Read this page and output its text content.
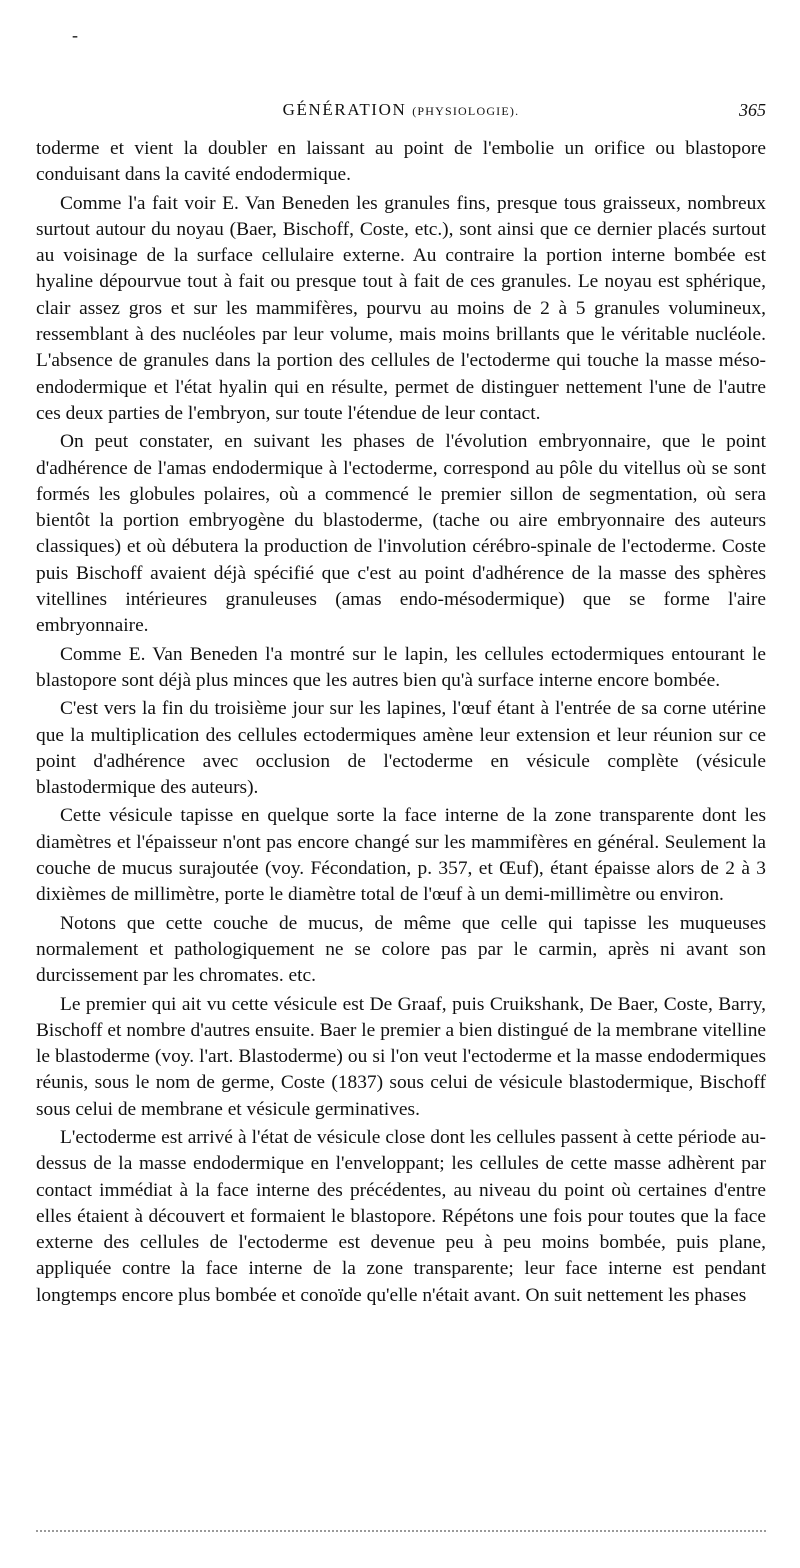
-
GÉNÉRATION (PHYSIOLOGIE).	365

toderme et vient la doubler en laissant au point de l'embolie un orifice ou blastopore conduisant dans la cavité endodermique.

Comme l'a fait voir E. Van Beneden les granules fins, presque tous graisseux, nombreux surtout autour du noyau (Baer, Bischoff, Coste, etc.), sont ainsi que ce dernier placés surtout au voisinage de la surface cellulaire externe. Au contraire la portion interne bombée est hyaline dépourvue tout à fait ou presque tout à fait de ces granules. Le noyau est sphérique, clair assez gros et sur les mammifères, pourvu au moins de 2 à 5 granules volumineux, ressemblant à des nucléoles par leur volume, mais moins brillants que le véritable nucléole. L'absence de granules dans la portion des cellules de l'ectoderme qui touche la masse méso-endodermique et l'état hyalin qui en résulte, permet de distinguer nettement l'une de l'autre ces deux parties de l'embryon, sur toute l'étendue de leur contact.

On peut constater, en suivant les phases de l'évolution embryonnaire, que le point d'adhérence de l'amas endodermique à l'ectoderme, correspond au pôle du vitellus où se sont formés les globules polaires, où a commencé le premier sillon de segmentation, où sera bientôt la portion embryogène du blastoderme, (tache ou aire embryonnaire des auteurs classiques) et où débutera la production de l'involution cérébro-spinale de l'ectoderme. Coste puis Bischoff avaient déjà spécifié que c'est au point d'adhérence de la masse des sphères vitellines intérieures granuleuses (amas endo-mésodermique) que se forme l'aire embryonnaire.

Comme E. Van Beneden l'a montré sur le lapin, les cellules ectodermiques entourant le blastopore sont déjà plus minces que les autres bien qu'à surface interne encore bombée.

C'est vers la fin du troisième jour sur les lapines, l'œuf étant à l'entrée de sa corne utérine que la multiplication des cellules ectodermiques amène leur extension et leur réunion sur ce point d'adhérence avec occlusion de l'ectoderme en vésicule complète (vésicule blastodermique des auteurs).

Cette vésicule tapisse en quelque sorte la face interne de la zone transparente dont les diamètres et l'épaisseur n'ont pas encore changé sur les mammifères en général. Seulement la couche de mucus surajoutée (voy. Fécondation, p. 357, et Œuf), étant épaisse alors de 2 à 3 dixièmes de millimètre, porte le diamètre total de l'œuf à un demi-millimètre ou environ.

Notons que cette couche de mucus, de même que celle qui tapisse les muqueuses normalement et pathologiquement ne se colore pas par le carmin, après ni avant son durcissement par les chromates. etc.

Le premier qui ait vu cette vésicule est De Graaf, puis Cruikshank, De Baer, Coste, Barry, Bischoff et nombre d'autres ensuite. Baer le premier a bien distingué de la membrane vitelline le blastoderme (voy. l'art. Blastoderme) ou si l'on veut l'ectoderme et la masse endodermiques réunis, sous le nom de germe, Coste (1837) sous celui de vésicule blastodermique, Bischoff sous celui de membrane et vésicule germinatives.

L'ectoderme est arrivé à l'état de vésicule close dont les cellules passent à cette période au-dessus de la masse endodermique en l'enveloppant; les cellules de cette masse adhèrent par contact immédiat à la face interne des précédentes, au niveau du point où certaines d'entre elles étaient à découvert et formaient le blastopore. Répétons une fois pour toutes que la face externe des cellules de l'ectoderme est devenue peu à peu moins bombée, puis plane, appliquée contre la face interne de la zone transparente; leur face interne est pendant longtemps encore plus bombée et conoïde qu'elle n'était avant. On suit nettement les phases
